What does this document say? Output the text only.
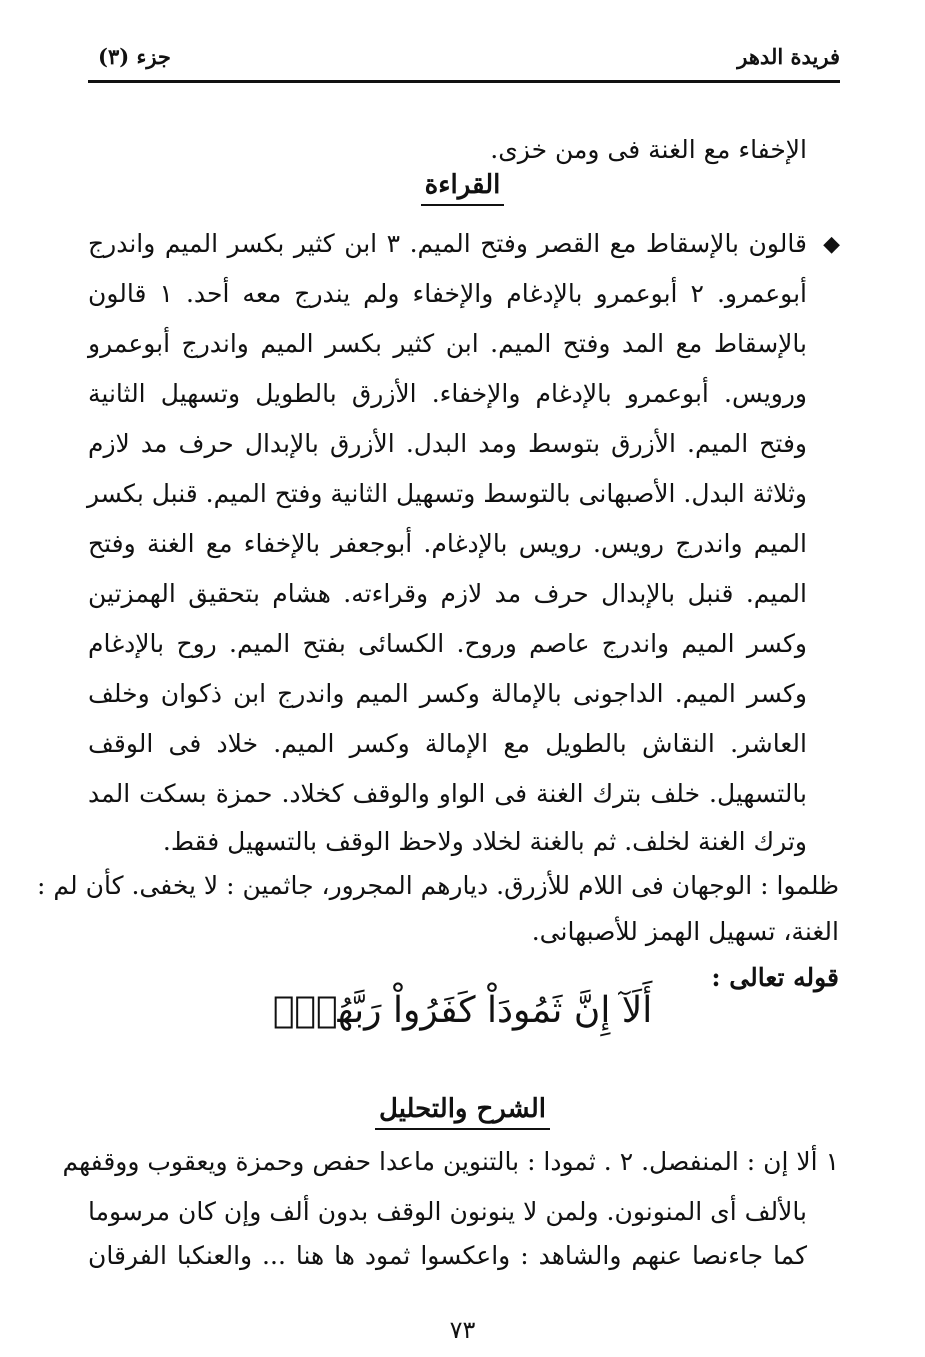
فريدة الدهر
جزء (٣)
الإخفاء مع الغنة فى ومن خزى.
القراءة
◆
قالون بالإسقاط مع القصر وفتح الميم. ٣ ابن كثير بكسر الميم واندرج
أبوعمرو. ٢ أبوعمرو بالإدغام والإخفاء ولم يندرج معه أحد. ١ قالون
بالإسقاط مع المد وفتح الميم. ابن كثير بكسر الميم واندرج أبوعمرو
ورويس. أبوعمرو بالإدغام والإخفاء. الأزرق بالطويل وتسهيل الثانية
وفتح الميم. الأزرق بتوسط ومد البدل. الأزرق بالإبدال حرف مد لازم
وثلاثة البدل. الأصبهانى بالتوسط وتسهيل الثانية وفتح الميم. قنبل بكسر
الميم واندرج رويس. رويس بالإدغام. أبوجعفر بالإخفاء مع الغنة وفتح
الميم. قنبل بالإبدال حرف مد لازم وقراءته. هشام بتحقيق الهمزتين
وكسر الميم واندرج عاصم وروح. الكسائى بفتح الميم. روح بالإدغام
وكسر الميم. الداجونى بالإمالة وكسر الميم واندرج ابن ذكوان وخلف
العاشر. النقاش بالطويل مع الإمالة وكسر الميم. خلاد فى الوقف
بالتسهيل. خلف بترك الغنة فى الواو والوقف كخلاد. حمزة بسكت المد
وترك الغنة لخلف. ثم بالغنة لخلاد ولاحظ الوقف بالتسهيل فقط.
ظلموا : الوجهان فى اللام للأزرق. ديارهم المجرور، جاثمين : لا يخفى. كأن لم :
الغنة، تسهيل الهمز للأصبهانى.
قوله تعالى :
أَلَآ إِنَّ ثَمُودَاْ كَفَرُواْ رَبَّهُمۡۗ
الشرح والتحليل
١ ألا إن : المنفصل. ٢ . ثمودا : بالتنوين ماعدا حفص وحمزة ويعقوب ووقفهم
بالألف أى المنونون. ولمن لا ينونون الوقف بدون ألف وإن كان مرسوما
كما جاءنصا عنهم والشاهد : واعكسوا ثمود ها هنا ... والعنكبا الفرقان
٧٣
